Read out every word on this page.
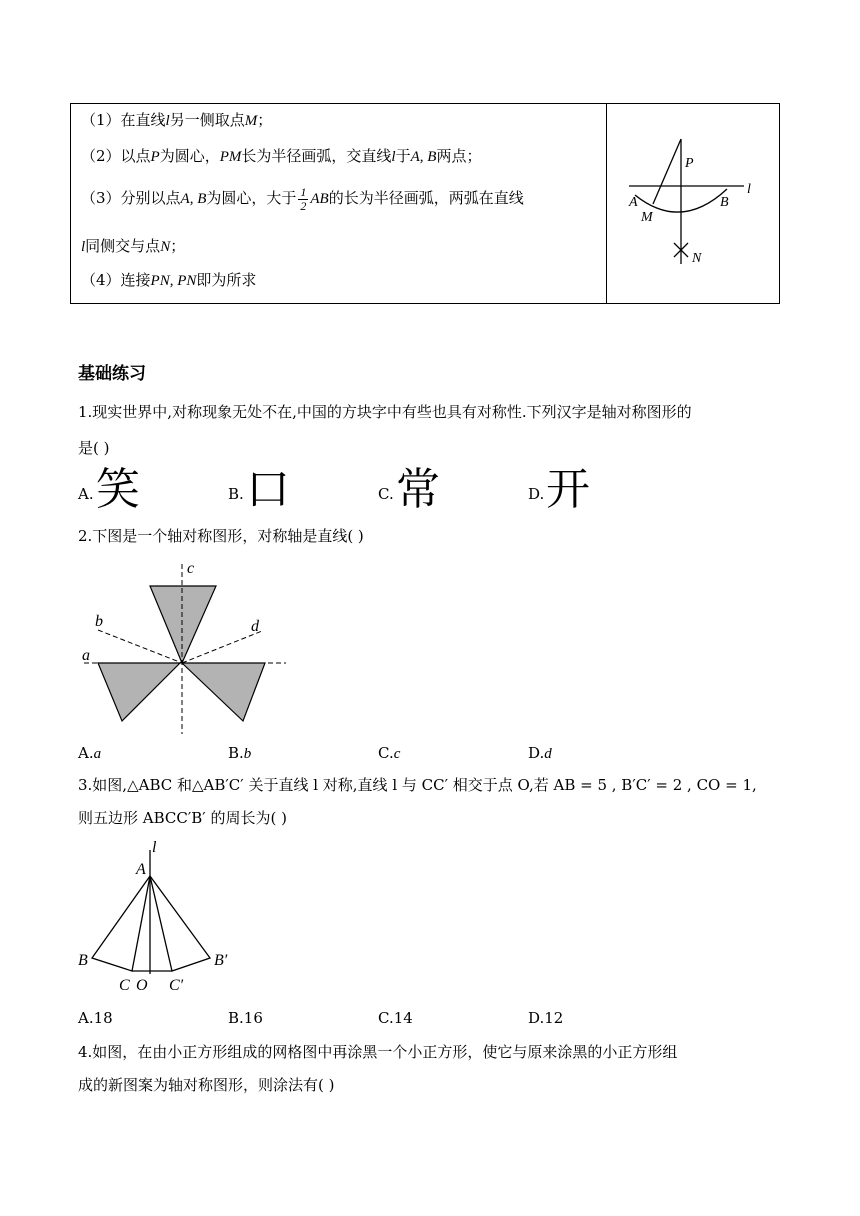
（1）在直线l另一侧取点M；
（2）以点P为圆心，PM长为半径画弧，交直线l于A, B两点；
（3）分别以点A, B为圆心，大于 $\frac{1}{2}$ AB的长为半径画弧，两弧在直线
l同侧交与点N；
（4）连接PN, PN即为所求
P
l
A
M
B
N
基础练习
1.现实世界中,对称现象无处不在,中国的方块字中有些也具有对称性.下列汉字是轴对称图形的
是( )
A. 笑	B. 口	C. 常	D. 开
2.下图是一个轴对称图形，对称轴是直线( )
c
b	d
a
A.a	B.b	C.c	D.d
3.如图,△ABC 和△AB′C′ 关于直线 l 对称,直线 l 与 CC′ 相交于点 O,若 AB = 5 , B′C′ = 2 , CO = 1,
则五边形 ABCC′B′ 的周长为( )
l
A
B	B′
C O C′
A.18	B.16	C.14	D.12
4.如图，在由小正方形组成的网格图中再涂黑一个小正方形，使它与原来涂黑的小正方形组
成的新图案为轴对称图形，则涂法有( )
